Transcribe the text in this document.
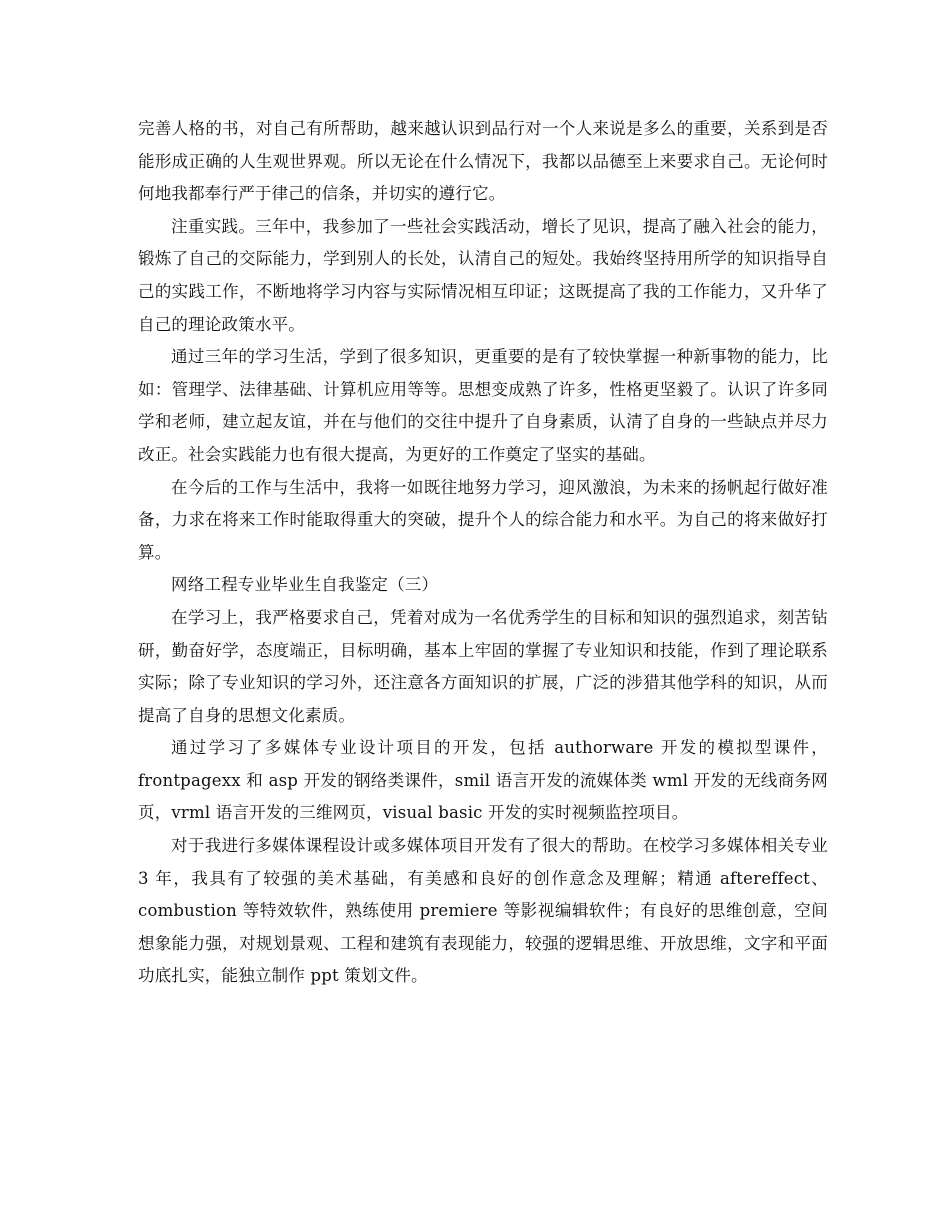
完善人格的书，对自己有所帮助，越来越认识到品行对一个人来说是多么的重要，关系到是否能形成正确的人生观世界观。所以无论在什么情况下，我都以品德至上来要求自己。无论何时何地我都奉行严于律己的信条，并切实的遵行它。

注重实践。三年中，我参加了一些社会实践活动，增长了见识，提高了融入社会的能力，锻炼了自己的交际能力，学到别人的长处，认清自己的短处。我始终坚持用所学的知识指导自己的实践工作，不断地将学习内容与实际情况相互印证；这既提高了我的工作能力，又升华了自己的理论政策水平。

通过三年的学习生活，学到了很多知识，更重要的是有了较快掌握一种新事物的能力，比如：管理学、法律基础、计算机应用等等。思想变成熟了许多，性格更坚毅了。认识了许多同学和老师，建立起友谊，并在与他们的交往中提升了自身素质，认清了自身的一些缺点并尽力改正。社会实践能力也有很大提高，为更好的工作奠定了坚实的基础。

在今后的工作与生活中，我将一如既往地努力学习，迎风激浪，为未来的扬帆起行做好准备，力求在将来工作时能取得重大的突破，提升个人的综合能力和水平。为自己的将来做好打算。

网络工程专业毕业生自我鉴定（三）

在学习上，我严格要求自己，凭着对成为一名优秀学生的目标和知识的强烈追求，刻苦钻研，勤奋好学，态度端正，目标明确，基本上牢固的掌握了专业知识和技能，作到了理论联系实际；除了专业知识的学习外，还注意各方面知识的扩展，广泛的涉猎其他学科的知识，从而提高了自身的思想文化素质。

通过学习了多媒体专业设计项目的开发，包括 authorware 开发的模拟型课件，frontpagexx 和 asp 开发的钢络类课件，smil 语言开发的流媒体类 wml 开发的无线商务网页，vrml 语言开发的三维网页，visual basic 开发的实时视频监控项目。

对于我进行多媒体课程设计或多媒体项目开发有了很大的帮助。在校学习多媒体相关专业 3 年，我具有了较强的美术基础，有美感和良好的创作意念及理解；精通 aftereffect、combustion 等特效软件，熟练使用 premiere 等影视编辑软件；有良好的思维创意，空间想象能力强，对规划景观、工程和建筑有表现能力，较强的逻辑思维、开放思维，文字和平面功底扎实，能独立制作 ppt 策划文件。
